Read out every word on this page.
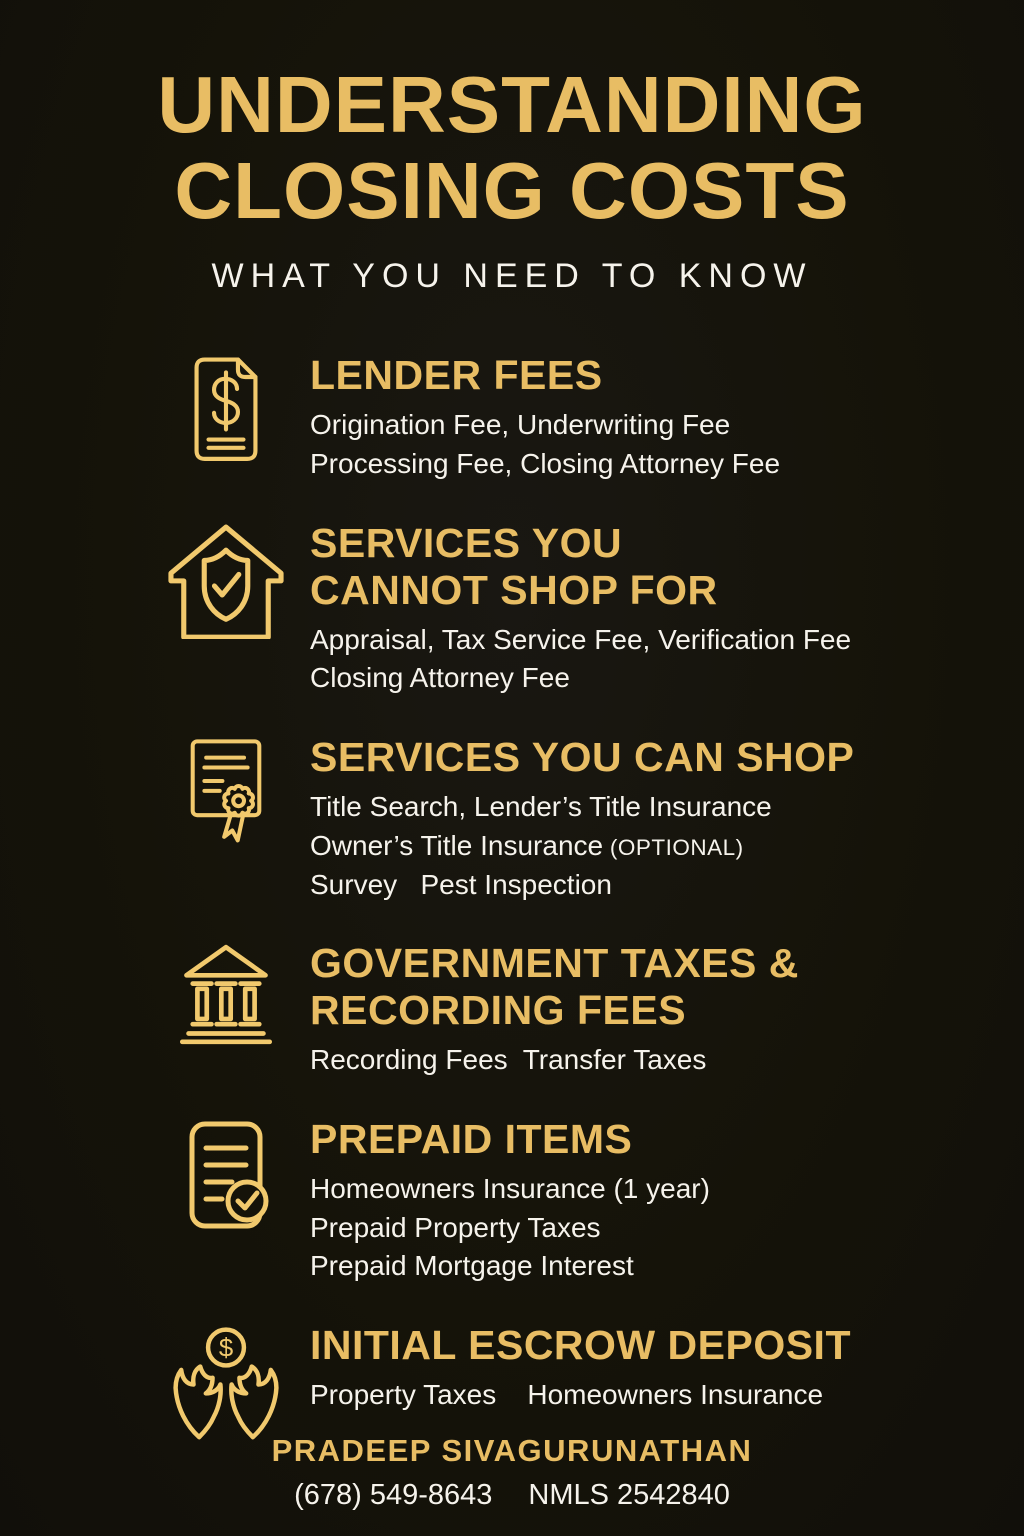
UNDERSTANDING
CLOSING COSTS
WHAT YOU NEED TO KNOW
LENDER FEES
Origination Fee, Underwriting Fee
Processing Fee, Closing Attorney Fee
SERVICES YOU
CANNOT SHOP FOR
Appraisal, Tax Service Fee, Verification Fee
Closing Attorney Fee
SERVICES YOU CAN SHOP
Title Search, Lender’s Title Insurance
Owner’s Title Insurance (OPTIONAL)
Survey   Pest Inspection
GOVERNMENT TAXES &
RECORDING FEES
Recording Fees  Transfer Taxes
PREPAID ITEMS
Homeowners Insurance (1 year)
Prepaid Property Taxes
Prepaid Mortgage Interest
$ INITIAL ESCROW DEPOSIT
Property Taxes    Homeowners Insurance
PRADEEP SIVAGURUNATHAN
(678) 549-8643 NMLS 2542840
